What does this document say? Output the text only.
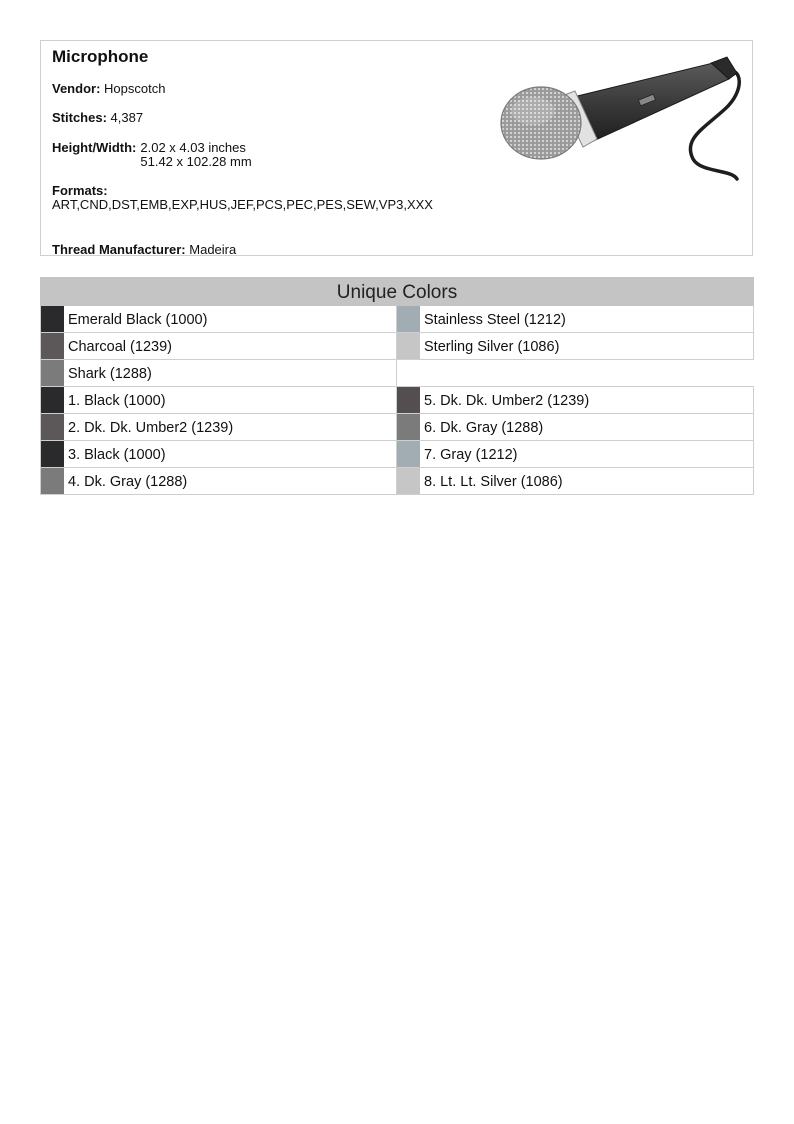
Microphone
Vendor: Hopscotch
Stitches: 4,387
Height/Width: 2.02 x 4.03 inches
51.42 x 102.28 mm
Formats:
ART,CND,DST,EMB,EXP,HUS,JEF,PCS,PEC,PES,SEW,VP3,XXX
Thread Manufacturer: Madeira
Unique Colors
Emerald Black (1000)	Stainless Steel (1212)
Charcoal (1239)	Sterling Silver (1086)
Shark (1288)
1. Black (1000)	5. Dk. Dk. Umber2 (1239)
2. Dk. Dk. Umber2 (1239)	6. Dk. Gray (1288)
3. Black (1000)	7. Gray (1212)
4. Dk. Gray (1288)	8. Lt. Lt. Silver (1086)
